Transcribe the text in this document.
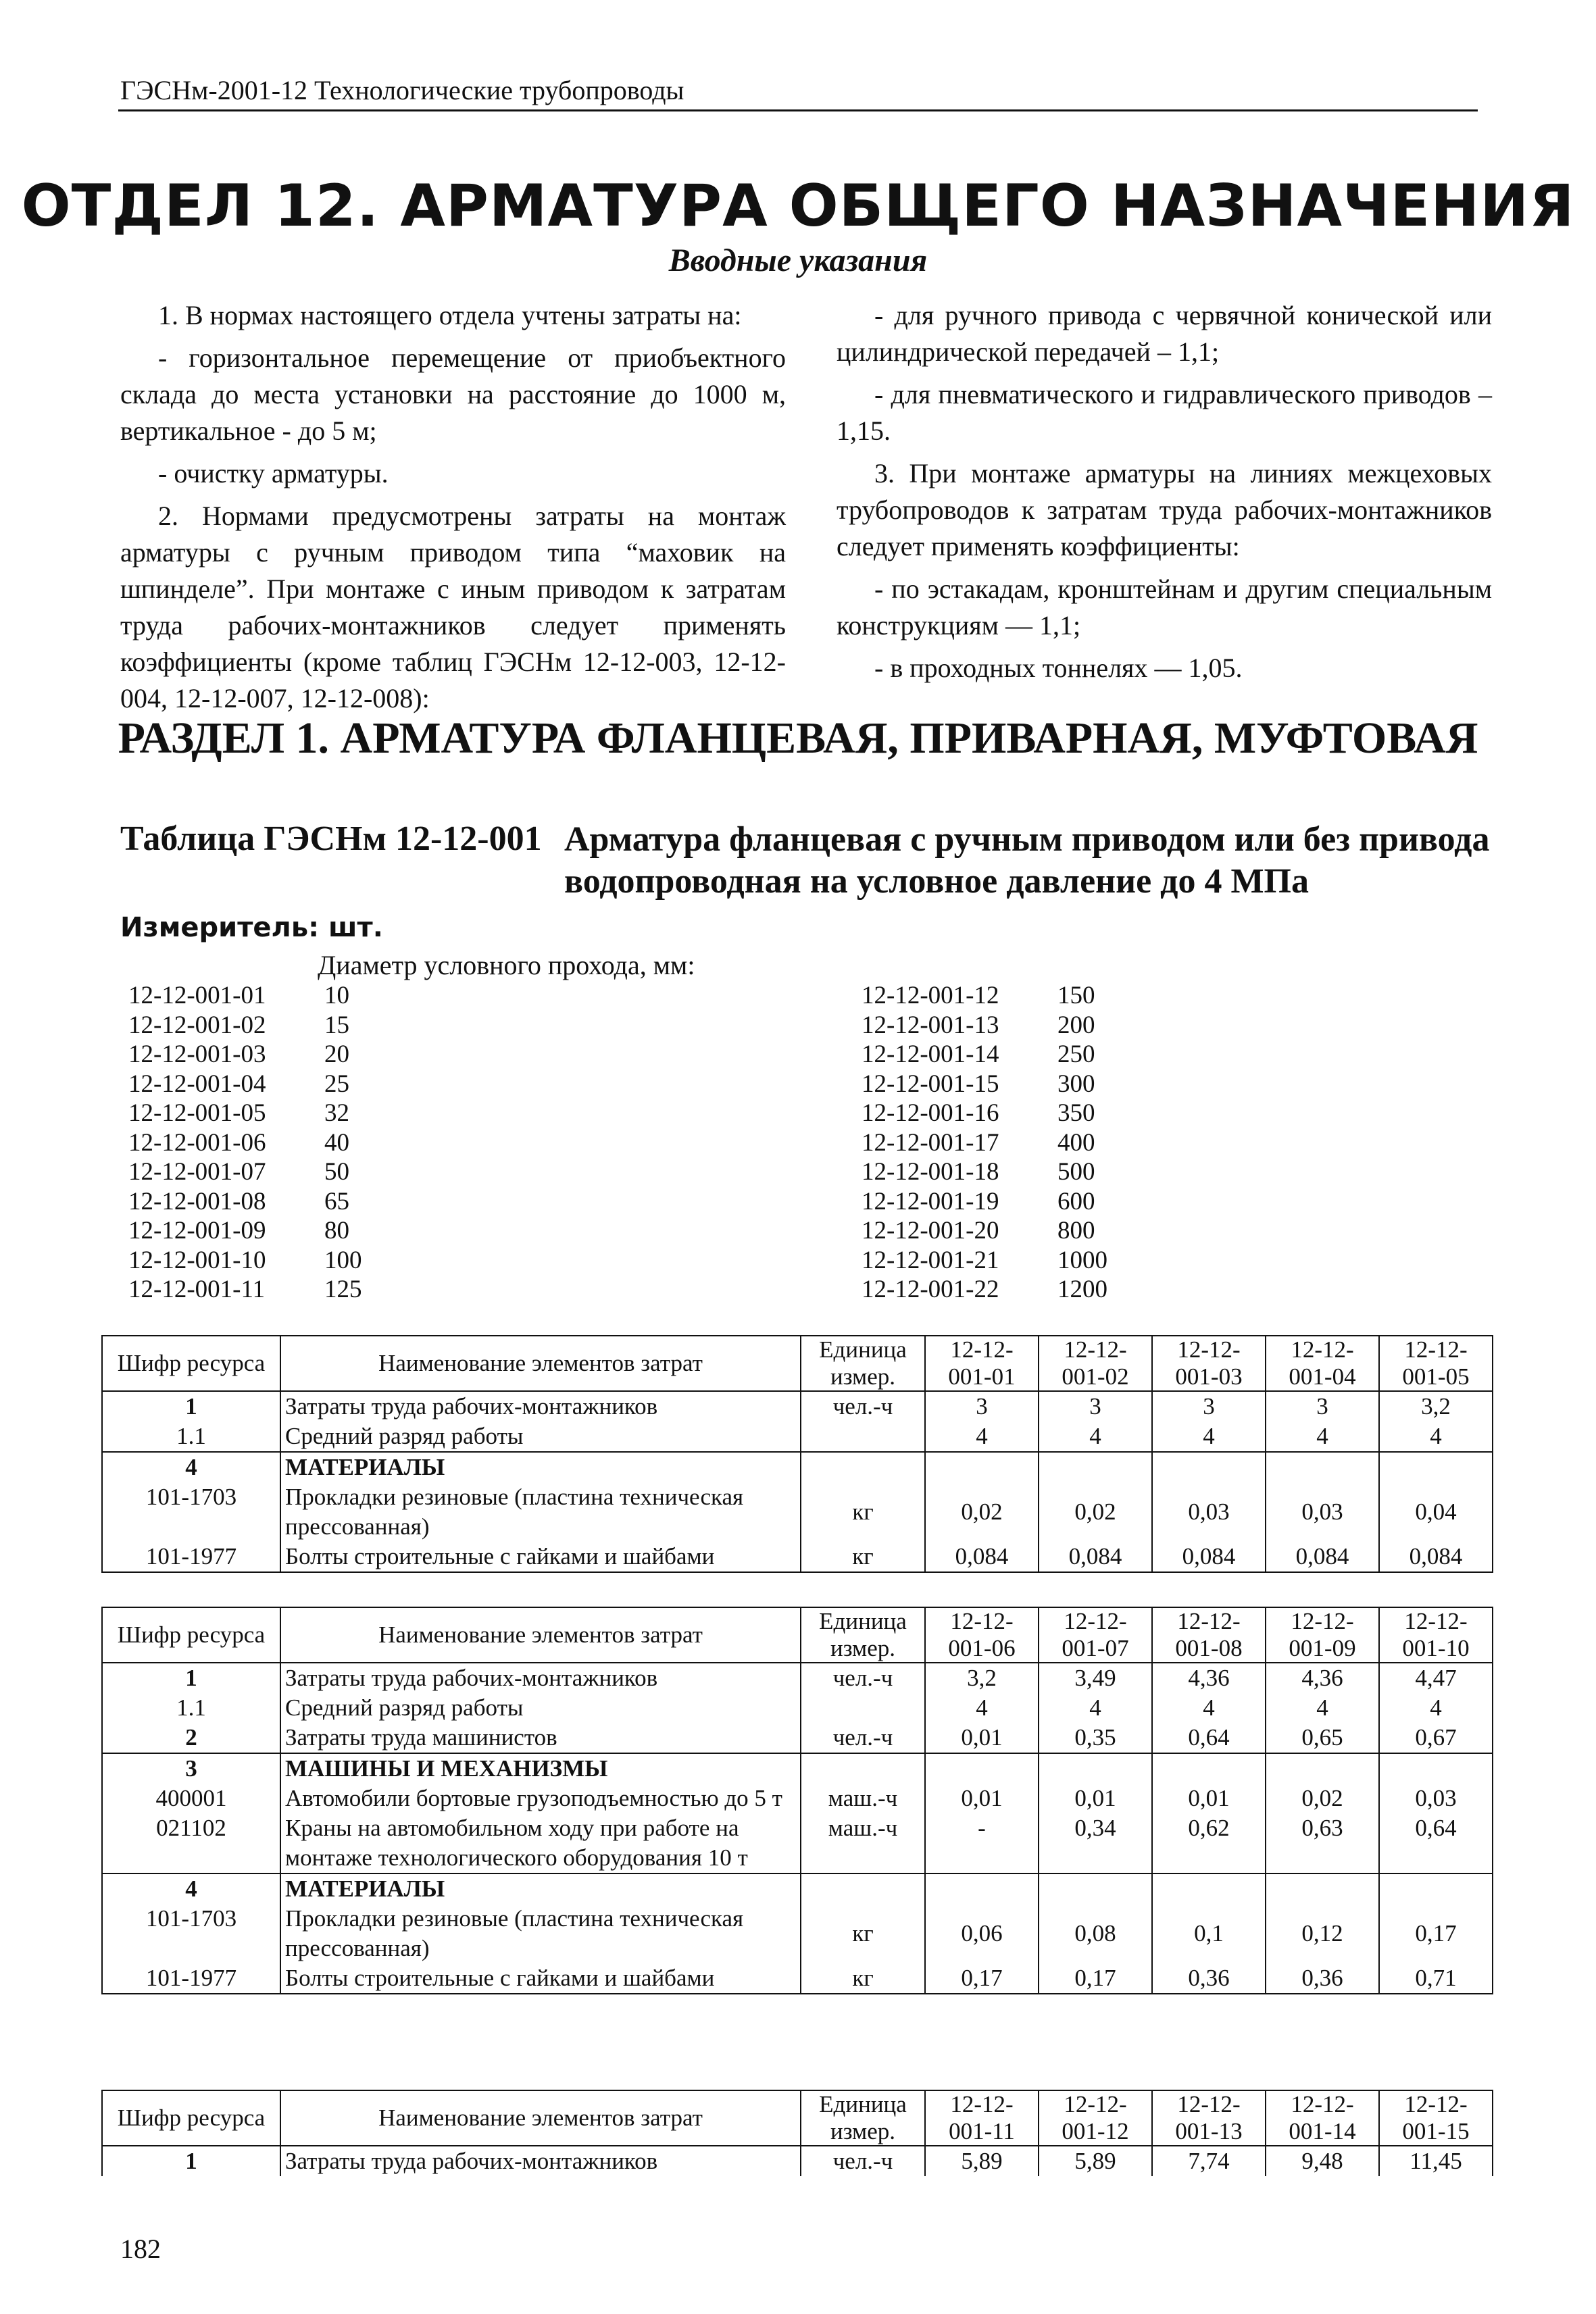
ГЭСНм-2001-12 Технологические трубопроводы
ОТДЕЛ 12. АРМАТУРА ОБЩЕГО НАЗНАЧЕНИЯ
Вводные указания

1. В нормах настоящего отдела учтены затраты на:

- горизонтальное перемещение от приобъектного склада до места установки на расстояние до 1000 м, вертикальное - до 5 м;

- очистку арматуры.

2. Нормами предусмотрены затраты на монтаж арматуры с ручным приводом типа “маховик на шпинделе”. При монтаже с иным приводом к затратам труда рабочих-монтажников следует применять коэффициенты (кроме таблиц ГЭСНм 12-12-003, 12-12-004, 12-12-007, 12-12-008):

- для ручного привода с червячной конической или цилиндрической передачей – 1,1;

- для пневматического и гидравлического приводов – 1,15.

3. При монтаже арматуры на линиях межцеховых трубопроводов к затратам труда рабочих-монтажников следует применять коэффициенты:

- по эстакадам, кронштейнам и другим специальным конструкциям — 1,1;

- в проходных тоннелях — 1,05.

РАЗДЕЛ 1. АРМАТУРА ФЛАНЦЕВАЯ, ПРИВАРНАЯ, МУФТОВАЯ
Таблица ГЭСНм 12-12-001 Арматура фланцевая с ручным приводом или без привода водопроводная на условное давление до 4 МПа
Измеритель: шт.
Диаметр условного прохода, мм:
12-12-001-01 10
12-12-001-02 15
12-12-001-03 20
12-12-001-04 25
12-12-001-05 32
12-12-001-06 40
12-12-001-07 50
12-12-001-08 65
12-12-001-09 80
12-12-001-10 100
12-12-001-11 125
12-12-001-12 150
12-12-001-13 200
12-12-001-14 250
12-12-001-15 300
12-12-001-16 350
12-12-001-17 400
12-12-001-18 500
12-12-001-19 600
12-12-001-20 800
12-12-001-21 1000
12-12-001-22 1200
Шифр ресурса	Наименование элементов затрат	Единица измер.	12-12-001-01	12-12-001-02	12-12-001-03	12-12-001-04	12-12-001-05
1	Затраты труда рабочих-монтажников	чел.-ч	3	3	3	3	3,2
1.1	Средний разряд работы		4	4	4	4	4
4	МАТЕРИАЛЫ						
101-1703	Прокладки резиновые (пластина техническая прессованная)	кг	0,02	0,02	0,03	0,03	0,04
101-1977	Болты строительные с гайками и шайбами	кг	0,084	0,084	0,084	0,084	0,084
Шифр ресурса	Наименование элементов затрат	Единица измер.	12-12-001-06	12-12-001-07	12-12-001-08	12-12-001-09	12-12-001-10
1	Затраты труда рабочих-монтажников	чел.-ч	3,2	3,49	4,36	4,36	4,47
1.1	Средний разряд работы		4	4	4	4	4
2	Затраты труда машинистов	чел.-ч	0,01	0,35	0,64	0,65	0,67
3	МАШИНЫ И МЕХАНИЗМЫ						
400001	Автомобили бортовые грузоподъемностью до 5 т	маш.-ч	0,01	0,01	0,01	0,02	0,03
021102	Краны на автомобильном ходу при работе на монтаже технологического оборудования 10 т	маш.-ч	-	0,34	0,62	0,63	0,64
4	МАТЕРИАЛЫ						
101-1703	Прокладки резиновые (пластина техническая прессованная)	кг	0,06	0,08	0,1	0,12	0,17
101-1977	Болты строительные с гайками и шайбами	кг	0,17	0,17	0,36	0,36	0,71
Шифр ресурса	Наименование элементов затрат	Единица измер.	12-12-001-11	12-12-001-12	12-12-001-13	12-12-001-14	12-12-001-15
1	Затраты труда рабочих-монтажников	чел.-ч	5,89	5,89	7,74	9,48	11,45
182
